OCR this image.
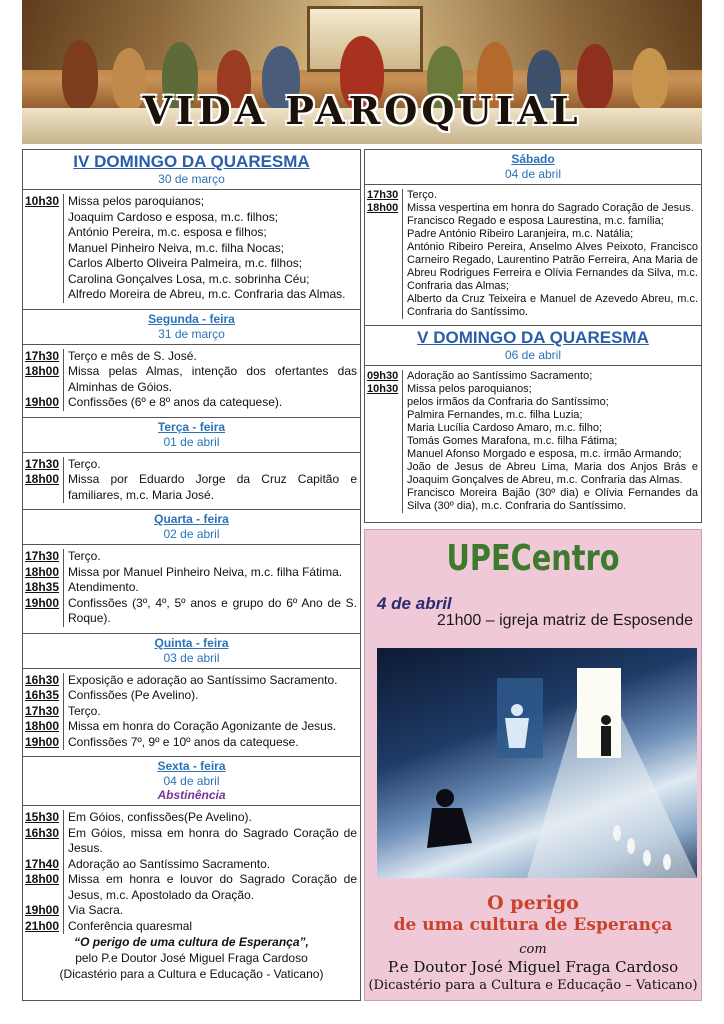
VIDA PAROQUIAL
IV DOMINGO DA QUARESMA
30 de março
10h30 Missa pelos paroquianos;
Joaquim Cardoso e esposa, m.c. filhos;
António Pereira, m.c. esposa e filhos;
Manuel Pinheiro Neiva, m.c. filha Nocas;
Carlos Alberto Oliveira Palmeira, m.c. filhos;
Carolina Gonçalves Losa, m.c. sobrinha Céu;
Alfredo Moreira de Abreu, m.c. Confraria das Almas.
Segunda - feira
31 de março
17h30 Terço e mês de S. José.
18h00 Missa pelas Almas, intenção dos ofertantes das Alminhas de Góios.
19h00 Confissões (6º e 8º anos da catequese).
Terça - feira
01 de abril
17h30 Terço.
18h00 Missa por Eduardo Jorge da Cruz Capitão e familiares, m.c. Maria José.
Quarta - feira
02 de abril
17h30 Terço.
18h00 Missa por Manuel Pinheiro Neiva, m.c. filha Fátima.
18h35 Atendimento.
19h00 Confissões (3º, 4º, 5º anos e grupo do 6º Ano de S. Roque).
Quinta - feira
03 de abril
16h30 Exposição e adoração ao Santíssimo Sacramento.
16h35 Confissões (Pe Avelino).
17h30 Terço.
18h00 Missa em honra do Coração Agonizante de Jesus.
19h00 Confissões 7º, 9º e 10º anos da catequese.
Sexta - feira
04 de abril
Abstinência
15h30 Em Góios, confissões(Pe Avelino).
16h30 Em Góios, missa em honra do Sagrado Coração de Jesus.
17h40 Adoração ao Santíssimo Sacramento.
18h00 Missa em honra e louvor do Sagrado Coração de Jesus, m.c. Apostolado da Oração.
19h00 Via Sacra.
21h00 Conferência quaresmal
“O perigo de uma cultura de Esperança”,
pelo P.e Doutor José Miguel Fraga Cardoso
(Dicastério para a Cultura e Educação - Vaticano)
Sábado
04 de abril
17h30 Terço.
18h00 Missa vespertina em honra do Sagrado Coração de Jesus.
Francisco Regado e esposa Laurestina, m.c. família;
Padre António Ribeiro Laranjeira, m.c. Natália;
António Ribeiro Pereira, Anselmo Alves Peixoto, Francisco Carneiro Regado, Laurentino Patrão Ferreira, Ana Maria de Abreu Rodrigues Ferreira e Olívia Fernandes da Silva, m.c. Confraria das Almas;
Alberto da Cruz Teixeira e Manuel de Azevedo Abreu, m.c. Confraria do Santíssimo.
V DOMINGO DA QUARESMA
06 de abril
09h30 Adoração ao Santíssimo Sacramento;
10h30 Missa pelos paroquianos;
pelos irmãos da Confraria do Santíssimo;
Palmira Fernandes, m.c. filha Luzia;
Maria Lucília Cardoso Amaro, m.c. filho;
Tomás Gomes Marafona, m.c. filha Fátima;
Manuel Afonso Morgado e esposa, m.c. irmão Armando;
João de Jesus de Abreu Lima, Maria dos Anjos Brás e Joaquim Gonçalves de Abreu, m.c. Confraria das Almas.
Francisco Moreira Bajão (30º dia) e Olívia Fernandes da Silva (30º dia), m.c. Confraria do Santíssimo.
UPECentro
4 de abril
21h00 – igreja matriz de Esposende
O perigo
de uma cultura de Esperança
com
P.e Doutor José Miguel Fraga Cardoso
(Dicastério para a Cultura e Educação – Vaticano)
